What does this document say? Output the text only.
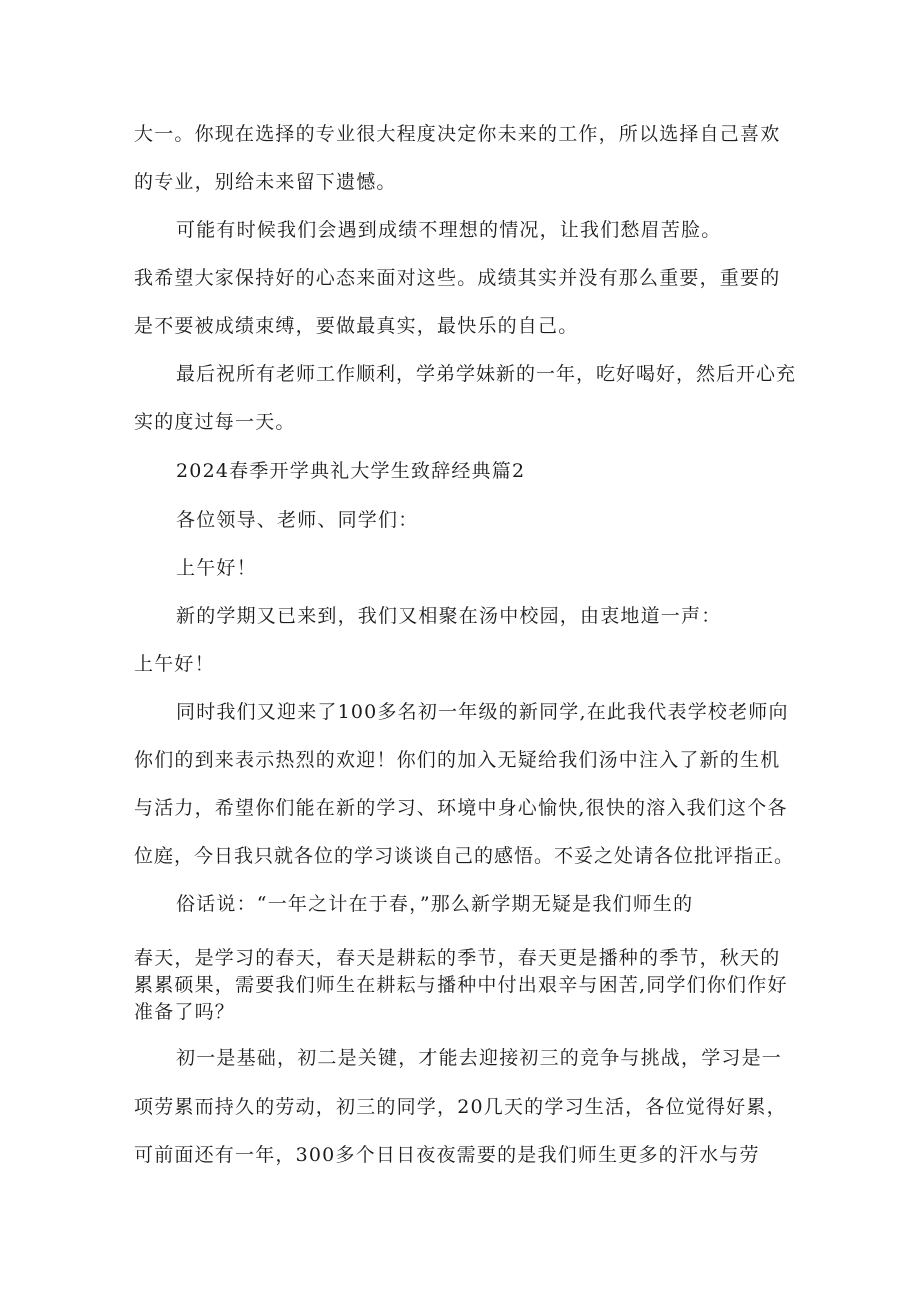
大一。你现在选择的专业很大程度决定你未来的工作，所以选择自己喜欢

的专业，别给未来留下遗憾。

可能有时候我们会遇到成绩不理想的情况，让我们愁眉苦脸。

我希望大家保持好的心态来面对这些。成绩其实并没有那么重要，重要的

是不要被成绩束缚，要做最真实，最快乐的自己。

最后祝所有老师工作顺利，学弟学妹新的一年，吃好喝好，然后开心充

实的度过每一天。

2024春季开学典礼大学生致辞经典篇2

各位领导、老师、同学们：

上午好！

新的学期又已来到，我们又相聚在汤中校园，由衷地道一声：

上午好！

同时我们又迎来了100多名初一年级的新同学,在此我代表学校老师向

你们的到来表示热烈的欢迎！你们的加入无疑给我们汤中注入了新的生机

与活力，希望你们能在新的学习、环境中身心愉快,很快的溶入我们这个各

位庭，今日我只就各位的学习谈谈自己的感悟。不妥之处请各位批评指正。

俗话说：“一年之计在于春，”那么新学期无疑是我们师生的

春天，是学习的春天，春天是耕耘的季节，春天更是播种的季节，秋天的

累累硕果，需要我们师生在耕耘与播种中付出艰辛与困苦,同学们你们作好

准备了吗？

初一是基础，初二是关键，才能去迎接初三的竞争与挑战，学习是一

项劳累而持久的劳动，初三的同学，20几天的学习生活，各位觉得好累，

可前面还有一年，300多个日日夜夜需要的是我们师生更多的汗水与劳
